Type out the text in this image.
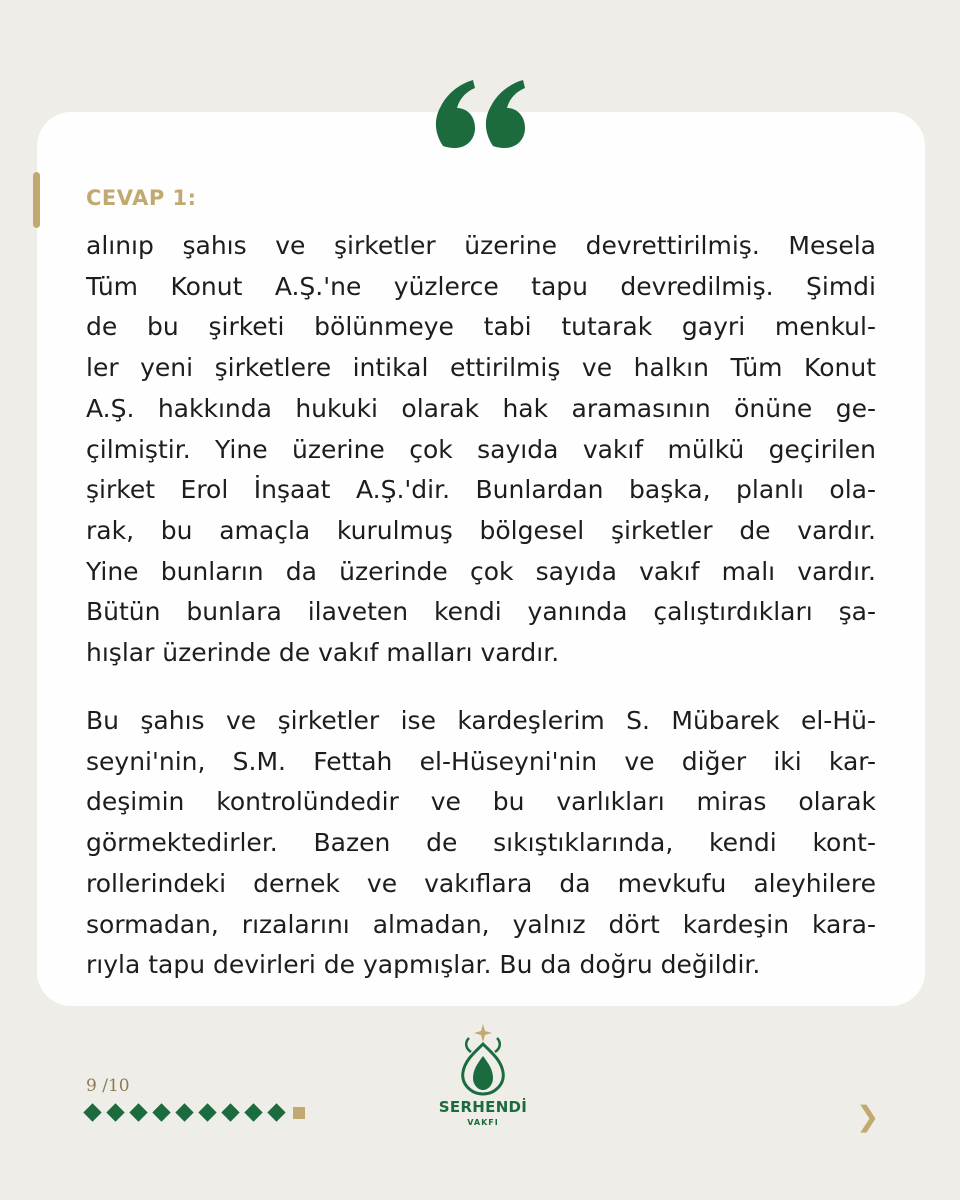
CEVAP 1:
alınıp şahıs ve şirketler üzerine devrettirilmiş. Mesela
Tüm Konut A.Ş.'ne yüzlerce tapu devredilmiş. Şimdi
de bu şirketi bölünmeye tabi tutarak gayri menkul-
ler yeni şirketlere intikal ettirilmiş ve halkın Tüm Konut
A.Ş. hakkında hukuki olarak hak aramasının önüne ge-
çilmiştir. Yine üzerine çok sayıda vakıf mülkü geçirilen
şirket Erol İnşaat A.Ş.'dir. Bunlardan başka, planlı ola-
rak, bu amaçla kurulmuş bölgesel şirketler de vardır.
Yine bunların da üzerinde çok sayıda vakıf malı vardır.
Bütün bunlara ilaveten kendi yanında çalıştırdıkları şa-
hışlar üzerinde de vakıf malları vardır.
Bu şahıs ve şirketler ise kardeşlerim S. Mübarek el-Hü-
seyni'nin, S.M. Fettah el-Hüseyni'nin ve diğer iki kar-
deşimin kontrolündedir ve bu varlıkları miras olarak
görmektedirler. Bazen de sıkıştıklarında, kendi kont-
rollerindeki dernek ve vakıflara da mevkufu aleyhilere
sormadan, rızalarını almadan, yalnız dört kardeşin kara-
rıyla tapu devirleri de yapmışlar. Bu da doğru değildir.
9 /10
SERHENDİ
VAKFI	❯
